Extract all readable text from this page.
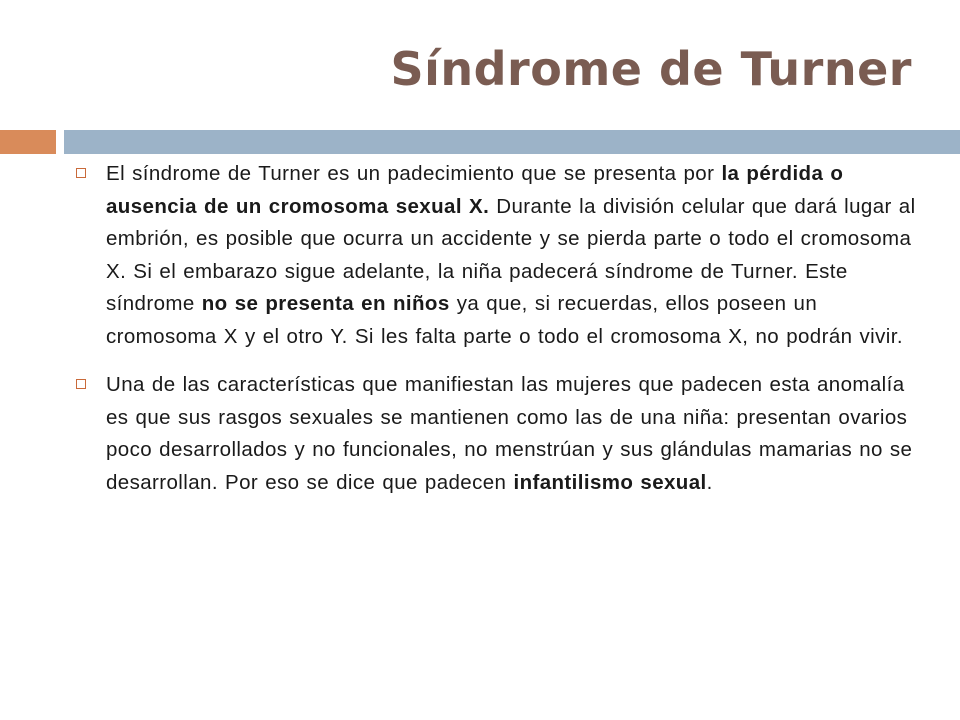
Síndrome de Turner
El síndrome de Turner es un padecimiento que se presenta por la pérdida o ausencia de un cromosoma sexual X. Durante la división celular que dará lugar al embrión, es posible que ocurra un accidente y se pierda parte o todo el cromosoma X. Si el embarazo sigue adelante, la niña padecerá síndrome de Turner. Este síndrome no se presenta en niños ya que, si recuerdas, ellos poseen un cromosoma X y el otro Y. Si les falta parte o todo el cromosoma X, no podrán vivir.
Una de las características que manifiestan las mujeres que padecen esta anomalía es que sus rasgos sexuales se mantienen como las de una niña: presentan ovarios poco desarrollados y no funcionales, no menstrúan y sus glándulas mamarias no se desarrollan. Por eso se dice que padecen infantilismo sexual.
